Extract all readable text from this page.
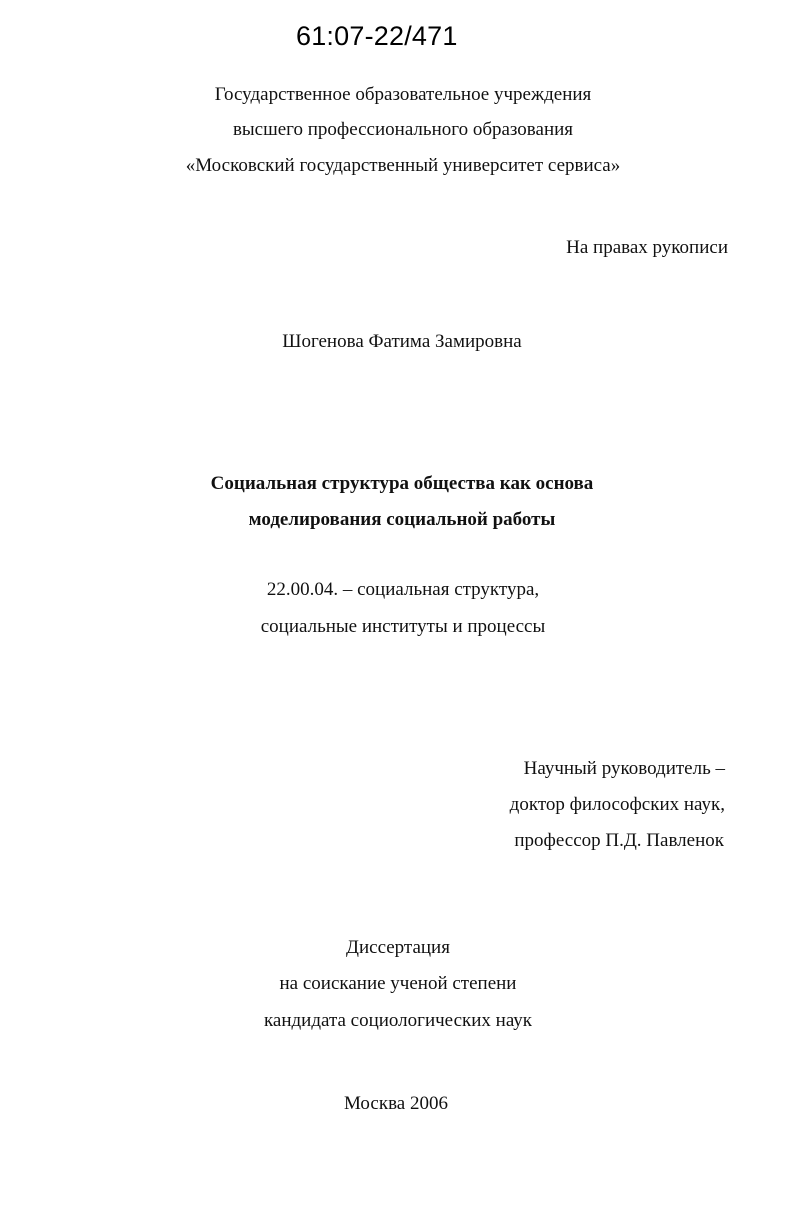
61:07-22/471
Государственное образовательное учреждения
высшего профессионального образования
«Московский государственный университет сервиса»
На правах рукописи
Шогенова Фатима Замировна
Социальная структура общества как основа
моделирования социальной работы
22.00.04. – социальная структура,
социальные институты и процессы
Научный руководитель –
доктор философских наук,
профессор П.Д. Павленок
Диссертация
на соискание ученой степени
кандидата социологических наук
Москва 2006
